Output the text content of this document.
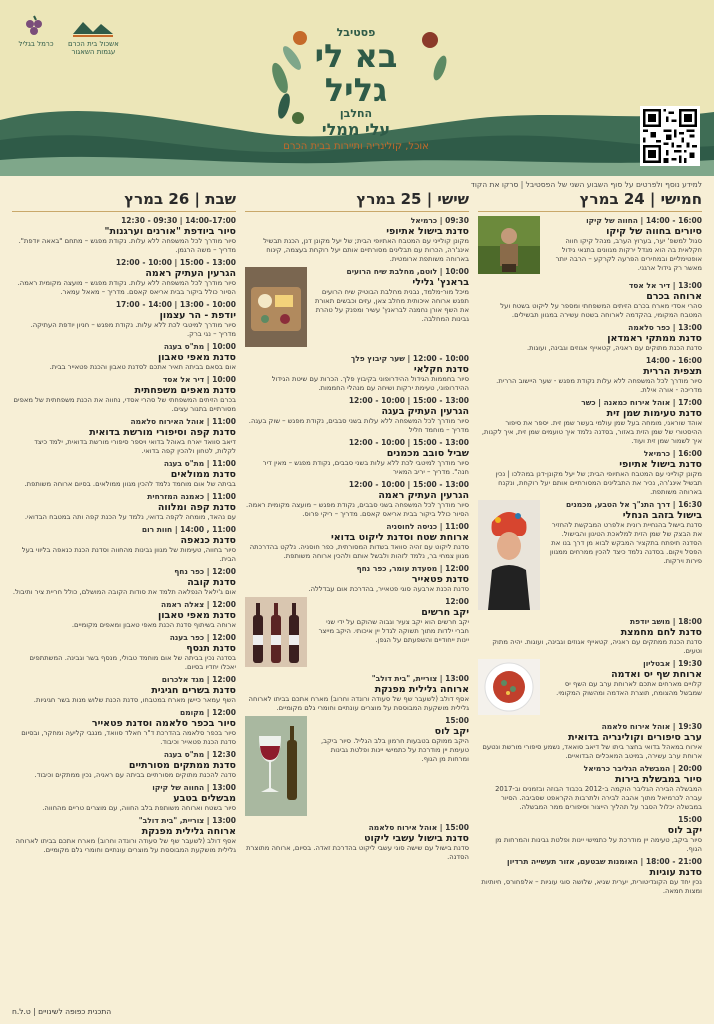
אשכול בית הכרם
עגמות השאגור
כרמל בגליל
פסטיבל
בא לי
גליל
החלבן
עלי ממלי
אוכל, קולינריה ותיירות בבית הכרם
למידע נוסף ולפרטים על סוף השבוע השני של הפסטיבל | סרקו את הקוד
חמישי | 24 במרץ
16:00 - 14:00 | החווה של קיקו
סיורים בחווה של קיקו
סגול למשפ' יער, בערוץ הערב, מנהל קיקו חווה חקלאית בה הוא מגדל ירקות מגוונים בתנאי גידול אופטימליים ובמחירים הפרעה לקרקע – הרבה יותר מאשר רק גידול ארגני.
13:00 | דיר אל אסד
ארוחה בכרם
סהרי אסדי מארח בכרם הזיתים המשפחתי ומספר על ליקוט בשטח ועל המטבח המקומי, בהקדמה לארוחה בשטח עשירה במגוון תבשילים.
13:00 | כפר סלאמה
סדנת ממתקי ראמדאן
סדנת הכנת מתוקים עם ראניה, קטאייף אגוזים וגבינה, ועוגות.
16:00 - 14:00
תצפית הררית
סיור מודרך לכל המשפחה ללא עלות נקודת מפגש - שער היישוב הררית. מדריכה - אורה אילת.
17:00 | אוהל אירוח כמאנה | כשר
סדנת טעימות שמן זית
אוהד שוראני, מומחה בעל שמן עולמי בעשר שמן זית. יספר את סיפור ההיסטורי של שמן הזית באזור, בסדנה נלמד איך טועמים שמן זית, איך לקנות, איך לשמור שמן זית ועוד.
16:00 | כרמיאל
סדנת בישול אתיופי
מקונן קולייני עם המטבח האתיופי הבית; של יעל מקונן-דנן במהלכו | נכין תבשיל אינג'רה, נכיר את התבלינים המסורתיים אותם יעל רוקחת, ונקנח בארוחה משותפת.
16:30 | דרך התנ"ך אל הטבע, מכמנים
בישול בזהב הנחלי
סדנת בישול בהנחיית רונית אלפרט המבקשת להחזיר את הבצק של שמן הזית למלאכת הטיגון והבישול. הסדנה תיפתח בתקציר המבקש לבוא מן דרך בנו את הפסל ויקום. בסדנה נלמד כיצד להכין ממרחים ממגוון פירות וירקות.
18:00 | מושב יודפת
סדנת לחם מחמצת
סדנת הכנת ממתקים עם ראניה, קטאייף אגוזים וגבינה, ועוגות. יהיה מתוק וטעים.
19:30 | אבטליון
ארוחת שף יס ואדמה
קלויים מארחים אתכם לארוחת ערב עם השף יס שמבשל מהצומח, תוצרת האדמה ומהשוק המקומי.
19:30 | אוהל אירוח סלאמה
ערב סיפורים וקולינריה בדואית
אירוח במאהל בדואי בחצר ביתו של דיאב סואאד, נשמע סיפורי מורשת ונטעם ארוחת ערב עשירה, במיטב המאכלים הבדואיים.
20:00 | המבשלה הגליבר כרמיאל
סיור במבשלת בירות
המבשלה הבירה הגליבר הוקמה ב-2012 בכבוד הבוזה ובזמנים וב-2017 עברה לכרמיאל מתוך אהבה לבירה ולתרבות הקראפט שסביבה. הסיור במבשלה יכלול הסבר על תהליך הייצור וסיפורים ממר המבשלה.
15:00
יקב לוס
סיור ביקב, טעימה יין מודרכת על כתמישי יינות ופלטת גבינות והמרחות מן הגוף.
21:00 - 18:00 | האומנות שבטעם, אזור תעשייה תרדיון
סדנת עוגיות
נכין יחד עם הקונדיטורית, יערית שגיא, שלושה סוגי עוגיות – אלפחורס, חיותיות ומצות חמאה.
שישי | 25 במרץ
09:30 | כרמיאל
סדנת בישול אתיופי
מקונן קולייני עם המטבח האתיופי הבית; של יעל מקונן דנן, הכנת תבשיל אינג'רה, הכרות עם תבלינים מסורתיים אותם יעל רוקחת בעצמה, קינוח בארוחה משותפת ארומטית.
10:00 | לוטם, מחלבת שיח הרועים
בראנץ' גלילי
מיכל מור-מלמד, נבנית מחלבת הבוטיק שיח הרועים תפגש ארוחה איכותית מחלב צאן, עזים וכבשים תאורת את השף אורן נחמנה לבראנץ' עשיר ומפנק על טהרת גבינות המחלבה.
10:00 - 12:00 | שער קיבוץ פלך
סדנת חקלאי
סיור בחממות הגידול ההידרופוני בקיבוץ פלך. הכרות עם שיטת הגידול ההידרופוני, טעימת ירקות ושיחה עם מנהלי החממות.
13:00 - 15:00 | 10:00 - 12:00
הגרעין העתיק בעגה
סיור מודרך לכל המשפחה ללא עלות בשני סבבים, נקודת מפגש – שוק בעגה. מדריך – מוחמד חליל
13:00 - 15:00 | 10:00 - 12:00
שביל סובב מכמנים
סיור מודרך למיטבי לכת ללא עלות בשני סבבים, נקודת מפגש – מאין דיר חנה". מדריך – יריב המאיר
13:00 - 15:00 | 10:00 - 12:00
הגרעין העתיק ראמה
סיור מודרך לכל המשפחה בשני סבבים, נקודת מפגש – מועצה מקומית ראמה. הסיור כולל ביקור בבית אריאס קאסם. מדריך – ריקי פרוס.
11:00 | כניסה לחוסניה
ארוחת שטח וסדנת ליקוט בדואי
סדנת ליקוט עם זהיה סוואד בשדות המסורתית, כפר חוסניה. נלקט בהדרכתה מגוון צמחי בר, נלמד לזהות ולבשל אותם ולהכין ארוחה משותפת.
12:00 | מסעדת עומר, כפר נחף
סדנת פטאייר
סדנת הכנת ארבעה סוגי פטאייר, בהדרכת אום עבדללה.
12:00
יקב חרשים
יקב חרשים הוא יקב צעיר וגבוה שהוקם על ידי שני חברי ילדות מתוך תשוקה לגדל יין איכותי. היקב מייצר יינות ייחודיים והשפעתם על הגפן.
13:00 | צוריית, "בית דולב"
ארוחה גלילית מפנקת
אסף דולב (לשעבר שף של סעודה ורונדה וחרוב) מארח אתכם בביתו לארוחה גלילית מושקעת המבוססת על מוצרים עונתיים וחומרי גלם מקומיים.
15:00
יקב לוס
היקב ממוקם בטבעות חרמון בלב הגליל. סיור ביקב, טעימת יין מודרכת על כתמישי יינות ופלטת גבינות ומרחות מן הגוף.
15:00 | אוהל אירוח סלאמה
סדנת בישול עשבי ליקוט
סדנת בישול עם שישה סוגי עשבי ליקוט בהדרכת זאדה. בסיום, ארוחה מתוצרת הסדנה.
שבת | 26 במרץ
14:00-17:00 | 09:30 - 12:30
סיור ביודפת "אורנים וערגנות"
סיור מודרך לכל המשפחה ללא עלות. נקודת מפגש – מתחם "באאה יודפת". מדריך – משה הרגמן.
13:00 - 15:00 | 10:00 - 12:00
הגרעין העתיק ראמה
סיור מודרך לכל המשפחה ללא עלות. נקודת מפגש – מועצה מקומית ראמה. הסיור כולל ביקור בבית אריאס קאסם. מדריך – מאאל עמאר.
10:00 - 13:00 | 14:00 - 17:00
יודפת - הר עצמון
סיור מודרך למיטבי לכת ללא עלות. נקודת מפגש – חניון יודפת העתיקה. מדריך – נגי ברק.
10:00 | מת"ס בעגה
סדנת מאפי טאבון
אום בסאם בביתה תאיר אתכם לסדנת טאבון והכנת פטאייר בבית.
10:00 | דיר אל אסד
סדנת מאפים משפחתית
בכרם הזיתים המשפחתי של סהרי אסדי, נחווה את הכנת משפחתית של מאפים מסורתיים בתנור עצים.
11:00 | אוהל האירוח סלאמה
סדנת קפה וסיפורי מורשת בדואית
דיאב סוואד יארח באוהל בדואי ויספר סיפורי מורשת בדואית, ילמד כיצד לקלות, לטחון ולהכין קפה בדואי.
11:00 | מת"ס בעגה
סדנת ממולאים
בביתה של אום מוחמד נלמד להכין מגוון ממולאים. בסיום ארוחה משותפת.
11:00 | כאמנה המזרחית
סדנת קפה ומלווה
עם נהאד, מומחה לקפה בדואי, נלמד על הכנת קפה ותה במטבח הבדואי.
11:00 , 14:00 | חוות רום
סדנת כנאפה
סיור בחווה, טעימות של מגוון גבינות מהחווה וסדנת הכנת כנאפה בליווי בעל הבית.
12:00 | כפר נחף
סדנת קובה
אום ג'ילאל הנפלאה תלמד את סודות הקובה המושלם, כולל חריית ציר ותיבול.
12:00 | צאלה ראמה
סדנת מאפי טאבון
ארוחה בשיתוף סדנת הכנת מאפי טאבון ומאפים מקומיים.
12:00 | כפר בענה
סדנת תנסף
בסדנה נכין בביתה של אום מוחמד טבולי, מנסף בשר וגבינה. המשתתפים יאכלו יחדיו בסיום.
12:00 | מגד אלכרום
סדנת בשרים חגיגית
השף עמאר כיישן מארח במטבחו, סדנת הכנת שלוש מנות בשר חגיגיות.
12:00 | מקומם
סיור בכפר סלאמה וסדנת פטאייר
סיור בכפר סלאמה בהדרכת ד"ר חאלד סוואד, מנגבי קליעה ומחקר, ובסיום סדנת הכנת פטאייר וכיבוד.
12:30 | מת"ס בעגה
סדנת ממתקים מסורתיים
סדנה להכנת מתוקים מסורתיים בביתה עם ראניה, נכין ממתקים וכיבוד.
13:00 | החווה של קיקו
מבשלים בטבע
סיור בשטח וארוחה משותפת בלב החווה, עם מוצרים טריים מהחווה.
13:00 | צוריית, "בית דולב"
ארוחה גלילית מפנקת
אסף דולב (לשעבר שף של סעודה ורונדה וחרוב) מארח אתכם בביתו לארוחה גלילית מושקעת המבוססת על מוצרים עונתיים וחומרי גלם מקומיים.
התכנית כפופה לשינויים | ט.ל.ח
